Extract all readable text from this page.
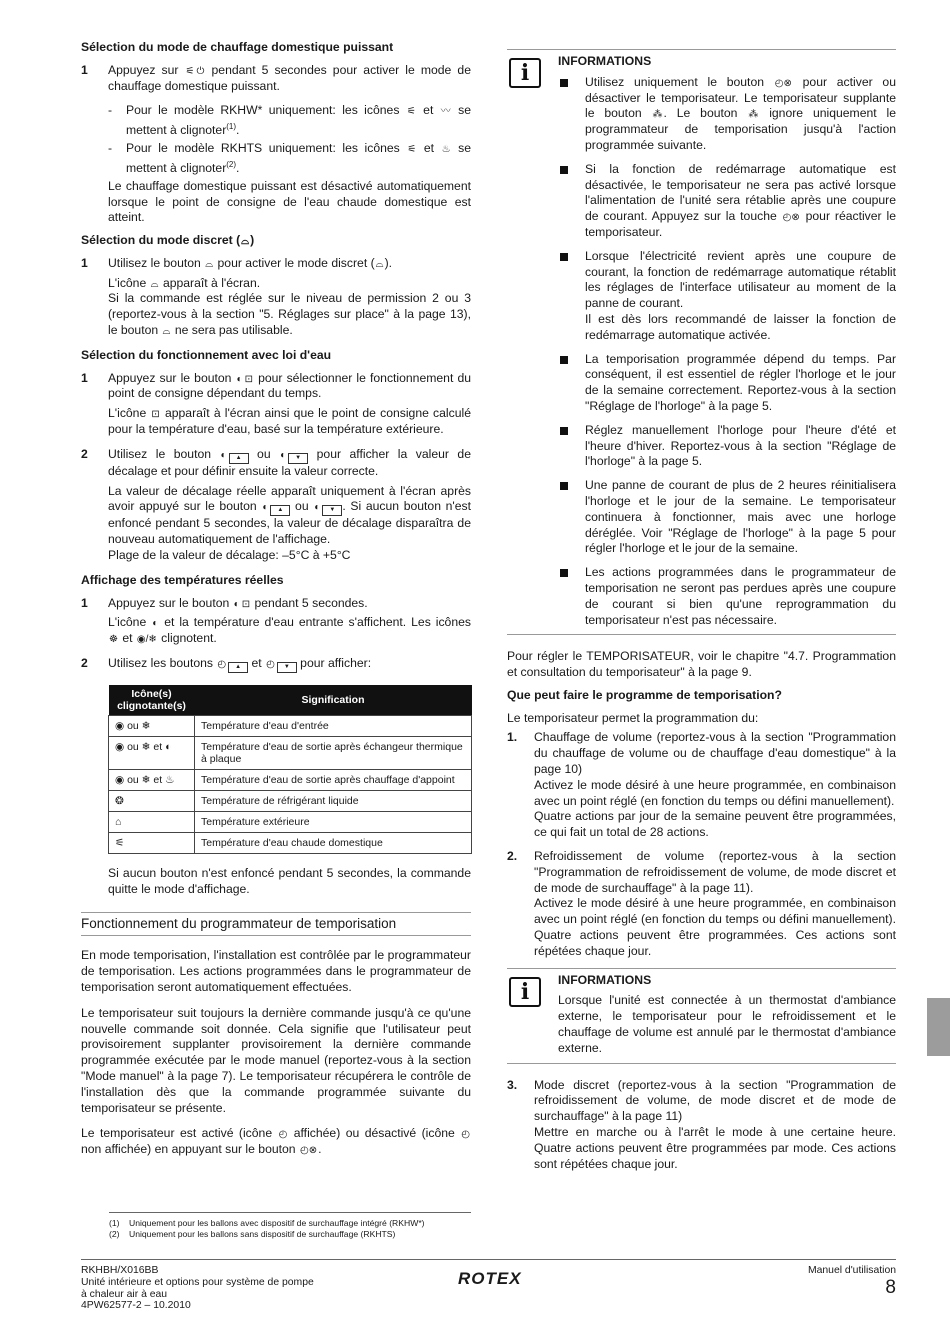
Sélection du mode de chauffage domestique puissant
1 Appuyez sur ⚟ ⏻ pendant 5 secondes pour activer le mode de chauffage domestique puissant.

- Pour le modèle RKHW* uniquement: les icônes ⚟ et 〰 se mettent à clignoter$^{(1)}$.
- Pour le modèle RKHTS uniquement: les icônes ⚟ et ♨ se mettent à clignoter$^{(2)}$.

Le chauffage domestique puissant est désactivé automatiquement lorsque le point de consigne de l'eau chaude domestique est atteint.

Sélection du mode discret (⌓)
1 Utilisez le bouton ⌓ pour activer le mode discret (⌓).

L'icône ⌓ apparaît à l'écran.

Si la commande est réglée sur le niveau de permission 2 ou 3 (reportez-vous à la section "5. Réglages sur place" à la page 13), le bouton ⌓ ne sera pas utilisable.

Sélection du fonctionnement avec loi d'eau
1 Appuyez sur le bouton ◐ ⊡ pour sélectionner le fonctionnement du point de consigne dépendant du temps.

L'icône ⊡ apparaît à l'écran ainsi que le point de consigne calculé pour la température d'eau, basé sur la température extérieure.

2 Utilisez le bouton ◐ ▲ ou ◐ ▼ pour afficher la valeur de décalage et pour définir ensuite la valeur correcte.

La valeur de décalage réelle apparaît uniquement à l'écran après avoir appuyé sur le bouton ◐ ▲ ou ◐ ▼ . Si aucun bouton n'est enfoncé pendant 5 secondes, la valeur de décalage disparaîtra de nouveau automatiquement de l'affichage.

Plage de la valeur de décalage: –5°C à +5°C

Affichage des températures réelles
1 Appuyez sur le bouton ◐ ⊡ pendant 5 secondes.

L'icône ◐ et la température d'eau entrante s'affichent. Les icônes ☸ et ◉/❄ clignotent.

2 Utilisez les boutons ◴ ▲ et ◴ ▼ pour afficher:

Icône(s) clignotante(s)	Signification
◉ ou ❄	Température d'eau d'entrée
◉ ou ❄ et ◐	Température d'eau de sortie après échangeur thermique à plaque
◉ ou ❄ et ♨	Température d'eau de sortie après chauffage d'appoint
❂	Température de réfrigérant liquide
⌂	Température extérieure
⚟	Température d'eau chaude domestique

Si aucun bouton n'est enfoncé pendant 5 secondes, la commande quitte le mode d'affichage.

Fonctionnement du programmateur de temporisation

En mode temporisation, l'installation est contrôlée par le programmateur de temporisation. Les actions programmées dans le programmateur de temporisation seront automatiquement effectuées.

Le temporisateur suit toujours la dernière commande jusqu'à ce qu'une nouvelle commande soit donnée. Cela signifie que l'utilisateur peut provisoirement supplanter provisoirement la dernière commande programmée exécutée par le mode manuel (reportez-vous à la section "Mode manuel" à la page 7). Le temporisateur récupérera le contrôle de l'installation dès que la commande programmée suivante du temporisateur se présente.

Le temporisateur est activé (icône ◴ affichée) ou désactivé (icône ◴ non affichée) en appuyant sur le bouton ◴⊗.

i
INFORMATIONS
Utilisez uniquement le bouton ◴⊗ pour activer ou désactiver le temporisateur. Le temporisateur supplante le bouton ⁂. Le bouton ⁂ ignore uniquement le programmateur de temporisation jusqu'à l'action programmée suivante.
Si la fonction de redémarrage automatique est désactivée, le temporisateur ne sera pas activé lorsque l'alimentation de l'unité sera rétablie après une coupure de courant. Appuyez sur la touche ◴⊗ pour réactiver le temporisateur.
Lorsque l'électricité revient après une coupure de courant, la fonction de redémarrage automatique rétablit les réglages de l'interface utilisateur au moment de la panne de courant.
Il est dès lors recommandé de laisser la fonction de redémarrage automatique activée.
La temporisation programmée dépend du temps. Par conséquent, il est essentiel de régler l'horloge et le jour de la semaine correctement. Reportez-vous à la section "Réglage de l'horloge" à la page 5.
Réglez manuellement l'horloge pour l'heure d'été et l'heure d'hiver. Reportez-vous à la section "Réglage de l'horloge" à la page 5.
Une panne de courant de plus de 2 heures réinitialisera l'horloge et le jour de la semaine. Le temporisateur continuera à fonctionner, mais avec une horloge déréglée. Voir "Réglage de l'horloge" à la page 5 pour régler l'horloge et le jour de la semaine.
Les actions programmées dans le programmateur de temporisation ne seront pas perdues après une coupure de courant si bien qu'une reprogrammation du temporisateur n'est pas nécessaire.

Pour régler le TEMPORISATEUR, voir le chapitre "4.7. Programmation et consultation du temporisateur" à la page 9.

Que peut faire le programme de temporisation?

Le temporisateur permet la programmation du:

1. Chauffage de volume (reportez-vous à la section "Programmation du chauffage de volume ou de chauffage d'eau domestique" à la page 10)
Activez le mode désiré à une heure programmée, en combinaison avec un point réglé (en fonction du temps ou défini manuellement).
Quatre actions par jour de la semaine peuvent être programmées, ce qui fait un total de 28 actions.
2. Refroidissement de volume (reportez-vous à la section "Programmation de refroidissement de volume, de mode discret et de mode de surchauffage" à la page 11).
Activez le mode désiré à une heure programmée, en combinaison avec un point réglé (en fonction du temps ou défini manuellement). Quatre actions peuvent être programmées. Ces actions sont répétées chaque jour.
i
INFORMATIONS

Lorsque l'unité est connectée à un thermostat d'ambiance externe, le temporisateur pour le refroidissement et le chauffage de volume est annulé par le thermostat d'ambiance externe.

3. Mode discret (reportez-vous à la section "Programmation de refroidissement de volume, de mode discret et de mode de surchauffage" à la page 11)
Mettre en marche ou à l'arrêt le mode à une certaine heure. Quatre actions peuvent être programmées par mode. Ces actions sont répétées chaque jour.
(1) Uniquement pour les ballons avec dispositif de surchauffage intégré (RKHW*)
(2) Uniquement pour les ballons sans dispositif de surchauffage (RKHTS)
RKHBH/X016BB
Unité intérieure et options pour système de pompe
à chaleur air à eau
4PW62577-2 – 10.2010
ROTEX	Manuel d'utilisation
8
